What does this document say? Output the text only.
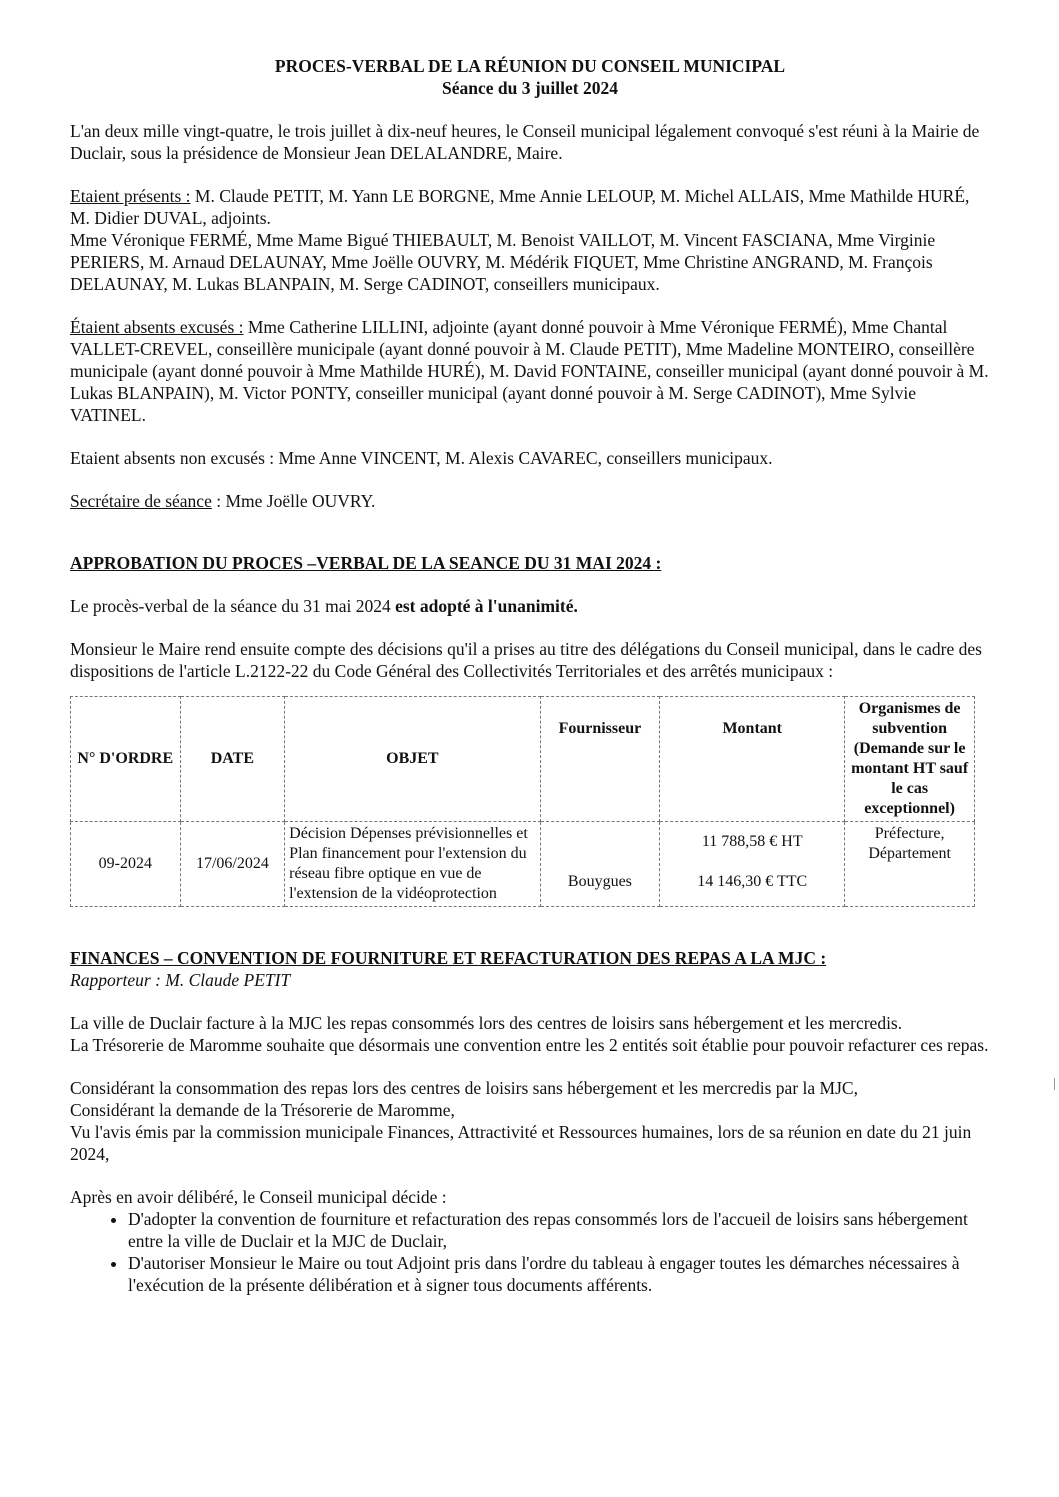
PROCES-VERBAL DE LA RÉUNION DU CONSEIL MUNICIPAL

Séance du 3 juillet 2024

L'an deux mille vingt-quatre, le trois juillet à dix-neuf heures, le Conseil municipal légalement convoqué s'est réuni à la Mairie de Duclair, sous la présidence de Monsieur Jean DELALANDRE, Maire.

Etaient présents : M. Claude PETIT, M. Yann LE BORGNE, Mme Annie LELOUP, M. Michel ALLAIS, Mme Mathilde HURÉ, M. Didier DUVAL, adjoints.

Mme Véronique FERMÉ, Mme Mame Bigué THIEBAULT, M. Benoist VAILLOT, M. Vincent FASCIANA, Mme Virginie PERIERS, M. Arnaud DELAUNAY, Mme Joëlle OUVRY, M. Médérik FIQUET, Mme Christine ANGRAND, M. François DELAUNAY, M. Lukas BLANPAIN, M. Serge CADINOT, conseillers municipaux.

Étaient absents excusés : Mme Catherine LILLINI, adjointe (ayant donné pouvoir à Mme Véronique FERMÉ), Mme Chantal VALLET-CREVEL, conseillère municipale (ayant donné pouvoir à M. Claude PETIT), Mme Madeline MONTEIRO, conseillère municipale (ayant donné pouvoir à Mme Mathilde HURÉ), M. David FONTAINE, conseiller municipal (ayant donné pouvoir à M. Lukas BLANPAIN), M. Victor PONTY, conseiller municipal (ayant donné pouvoir à M. Serge CADINOT), Mme Sylvie VATINEL.

Etaient absents non excusés : Mme Anne VINCENT, M. Alexis CAVAREC, conseillers municipaux.

Secrétaire de séance : Mme Joëlle OUVRY.

APPROBATION DU PROCES –VERBAL DE LA SEANCE DU 31 MAI 2024 :

Le procès-verbal de la séance du 31 mai 2024 est adopté à l'unanimité.

Monsieur le Maire rend ensuite compte des décisions qu'il a prises au titre des délégations du Conseil municipal, dans le cadre des dispositions de l'article L.2122-22 du Code Général des Collectivités Territoriales et des arrêtés municipaux :

N° D'ORDRE	DATE	OBJET	Fournisseur	Montant	Organismes de subvention (Demande sur le montant HT sauf le cas exceptionnel)
09-2024	17/06/2024	Décision Dépenses prévisionnelles et Plan financement pour l'extension du réseau fibre optique en vue de l'extension de la vidéoprotection	Bouygues	11 788,58 € HT
14 146,30 € TTC	Préfecture, Département

FINANCES – CONVENTION DE FOURNITURE ET REFACTURATION DES REPAS A LA MJC :

Rapporteur : M. Claude PETIT

La ville de Duclair facture à la MJC les repas consommés lors des centres de loisirs sans hébergement et les mercredis.

La Trésorerie de Maromme souhaite que désormais une convention entre les 2 entités soit établie pour pouvoir refacturer ces repas.

Considérant la consommation des repas lors des centres de loisirs sans hébergement et les mercredis par la MJC,

Considérant la demande de la Trésorerie de Maromme,

Vu l'avis émis par la commission municipale Finances, Attractivité et Ressources humaines, lors de sa réunion en date du 21 juin 2024,

Après en avoir délibéré, le Conseil municipal décide :

• D'adopter la convention de fourniture et refacturation des repas consommés lors de l'accueil de loisirs sans hébergement entre la ville de Duclair et la MJC de Duclair,
• D'autoriser Monsieur le Maire ou tout Adjoint pris dans l'ordre du tableau à engager toutes les démarches nécessaires à l'exécution de la présente délibération et à signer tous documents afférents.
